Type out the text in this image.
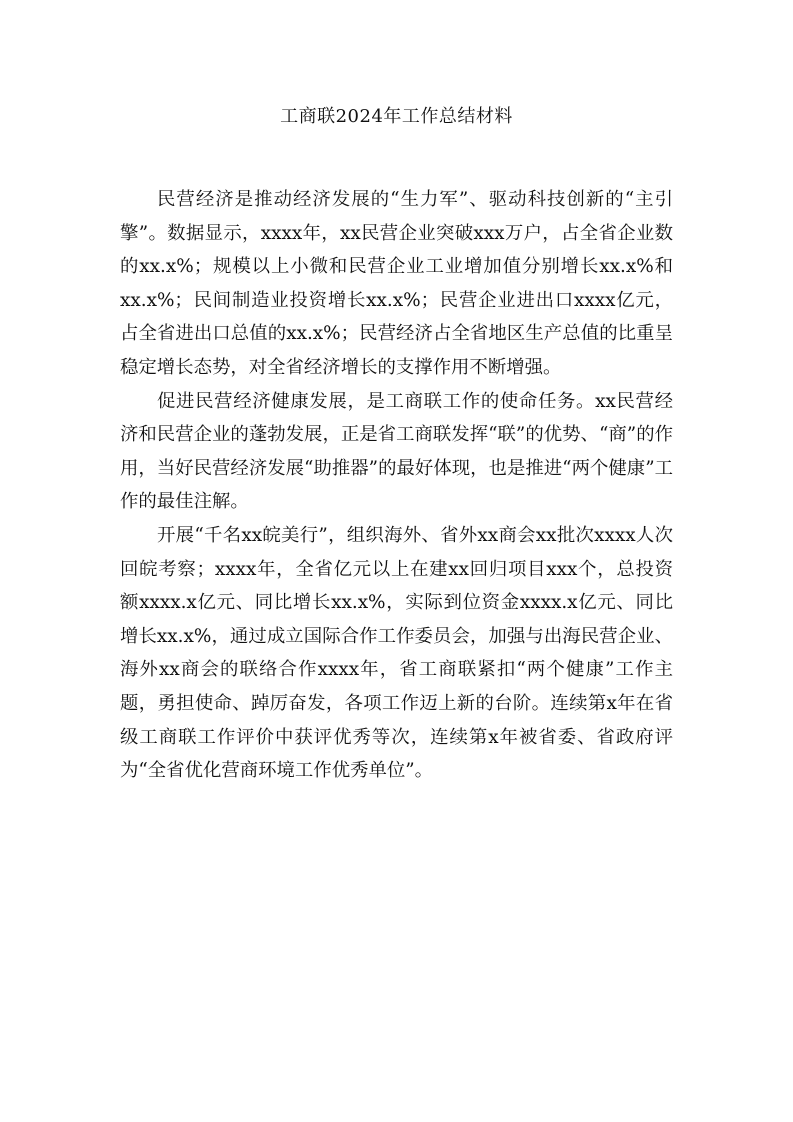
工商联2024年工作总结材料

民营经济是推动经济发展的“生力军”、驱动科技创新的“主引擎”。数据显示，xxxx年，xx民营企业突破xxx万户，占全省企业数的xx.x%；规模以上小微和民营企业工业增加值分别增长xx.x%和xx.x%；民间制造业投资增长xx.x%；民营企业进出口xxxx亿元，占全省进出口总值的xx.x%；民营经济占全省地区生产总值的比重呈稳定增长态势，对全省经济增长的支撑作用不断增强。

促进民营经济健康发展，是工商联工作的使命任务。xx民营经济和民营企业的蓬勃发展，正是省工商联发挥“联”的优势、“商”的作用，当好民营经济发展“助推器”的最好体现，也是推进“两个健康”工作的最佳注解。

开展“千名xx皖美行”，组织海外、省外xx商会xx批次xxxx人次回皖考察；xxxx年，全省亿元以上在建xx回归项目xxx个，总投资额xxxx.x亿元、同比增长xx.x%，实际到位资金xxxx.x亿元、同比增长xx.x%，通过成立国际合作工作委员会，加强与出海民营企业、海外xx商会的联络合作xxxx年，省工商联紧扣“两个健康”工作主题，勇担使命、踔厉奋发，各项工作迈上新的台阶。连续第x年在省级工商联工作评价中获评优秀等次，连续第x年被省委、省政府评为“全省优化营商环境工作优秀单位”。
